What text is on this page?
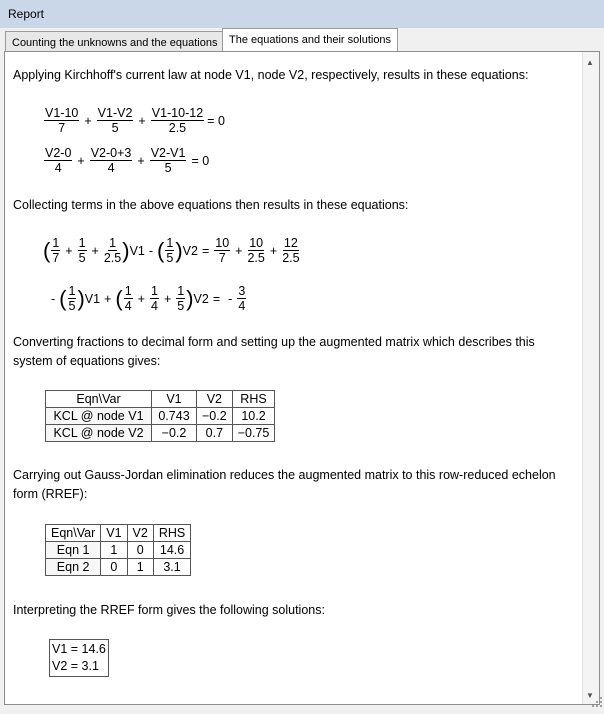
Report
Counting the unknowns and the equations	The equations and their solutions
Applying Kirchhoff's current law at node V1, node V2, respectively, results in these equations:
$\frac{V1-10}{7} + \frac{V1-V2}{5} + \frac{V1-10-12}{2.5} = 0$
$\frac{V2-0}{4} + \frac{V2-0+3}{4} + \frac{V2-V1}{5} = 0$
Collecting terms in the above equations then results in these equations:
( $\frac{1}{7} + \frac{1}{5} + \frac{1}{2.5}$ ) V1 - ( $\frac{1}{5}$ ) $V2 = \frac{10}{7} + \frac{10}{2.5} + \frac{12}{2.5}$
- ( $\frac{1}{5}$ ) V1 + ( $\frac{1}{4} + \frac{1}{4} + \frac{1}{5}$ ) V2 = - $\frac{3}{4}$
Converting fractions to decimal form and setting up the augmented matrix which describes this
system of equations gives:
Eqn\Var	V1	V2	RHS
KCL @ node V1	0.743	−0.2	10.2
KCL @ node V2	−0.2	0.7	−0.75
Carrying out Gauss-Jordan elimination reduces the augmented matrix to this row-reduced echelon
form (RREF):
Eqn\Var	V1	V2	RHS
Eqn 1	1	0	14.6
Eqn 2	0	1	3.1
Interpreting the RREF form gives the following solutions:
V1 = 14.6
V2 = 3.1
▲
▼
